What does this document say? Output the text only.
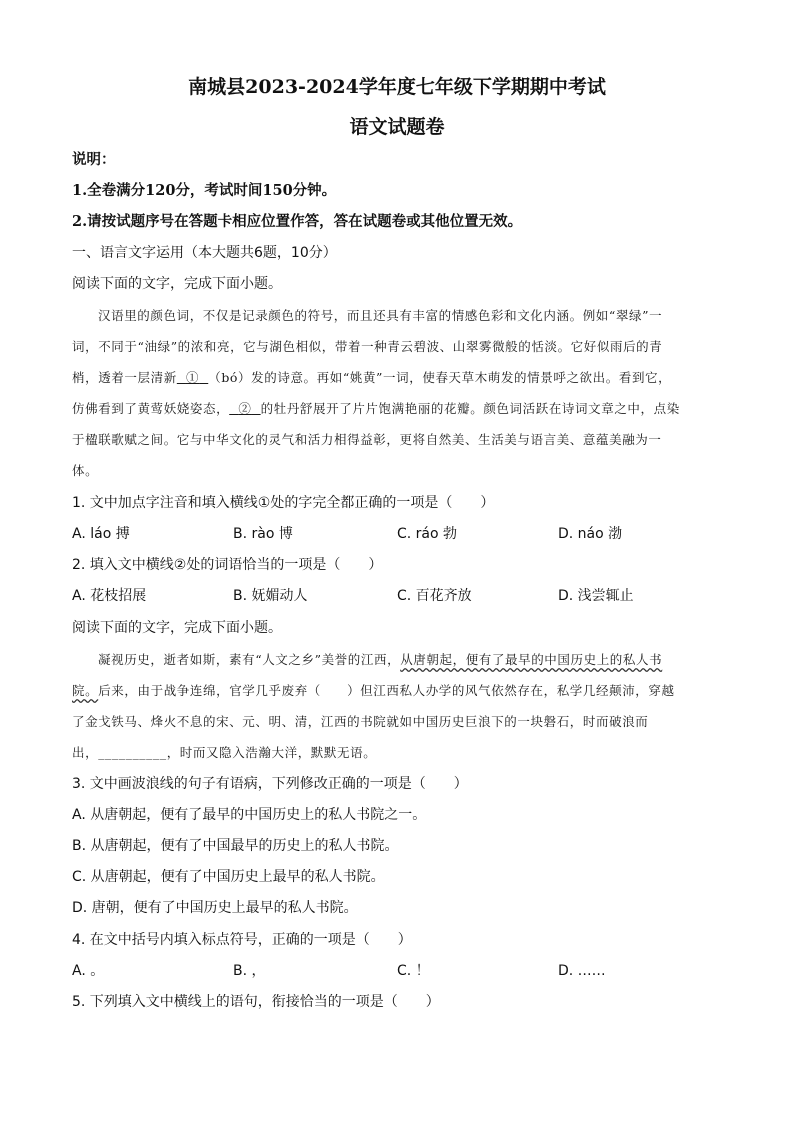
南城县2023-2024学年度七年级下学期期中考试
语文试题卷
说明：
1.全卷满分120分，考试时间150分钟。
2.请按试题序号在答题卡相应位置作答，答在试题卷或其他位置无效。
一、语言文字运用（本大题共6题，10分）
阅读下面的文字，完成下面小题。
汉语里的颜色词，不仅是记录颜色的符号，而且还具有丰富的情感色彩和文化内涵。例如“翠绿”一
词，不同于“油绿”的浓和亮，它与湖色相似，带着一种青云碧波、山翠雾微般的恬淡。它好似雨后的青
梢，透着一层清新 ① （bó）发的诗意。再如“姚黄”一词，使春天草木萌发的情景呼之欲出。看到它，
仿佛看到了黄莺妖娆姿态， ② 的牡丹舒展开了片片饱满艳丽的花瓣。颜色词活跃在诗词文章之中，点染
于楹联歌赋之间。它与中华文化的灵气和活力相得益彰，更将自然美、生活美与语言美、意蕴美融为一
体。
1. 文中加点字注音和填入横线①处的字完全都正确的一项是（　　）
A. láo 搏	B. rào 博	C. ráo 勃	D. náo 渤
2. 填入文中横线②处的词语恰当的一项是（　　）
A. 花枝招展	B. 妩媚动人	C. 百花齐放	D. 浅尝辄止
阅读下面的文字，完成下面小题。
凝视历史，逝者如斯，素有“人文之乡”美誉的江西，从唐朝起，便有了最早的中国历史上的私人书
院。后来，由于战争连绵，官学几乎废弃（　　）但江西私人办学的风气依然存在，私学几经颠沛，穿越
了金戈铁马、烽火不息的宋、元、明、清，江西的书院就如中国历史巨浪下的一块磐石，时而破浪而
出，__________，时而又隐入浩瀚大洋，默默无语。
3. 文中画波浪线的句子有语病，下列修改正确的一项是（　　）
A. 从唐朝起，便有了最早的中国历史上的私人书院之一。
B. 从唐朝起，便有了中国最早的历史上的私人书院。
C. 从唐朝起，便有了中国历史上最早的私人书院。
D. 唐朝，便有了中国历史上最早的私人书院。
4. 在文中括号内填入标点符号，正确的一项是（　　）
A. 。	B. ，	C. ！	D. ……
5. 下列填入文中横线上的语句，衔接恰当的一项是（　　）
